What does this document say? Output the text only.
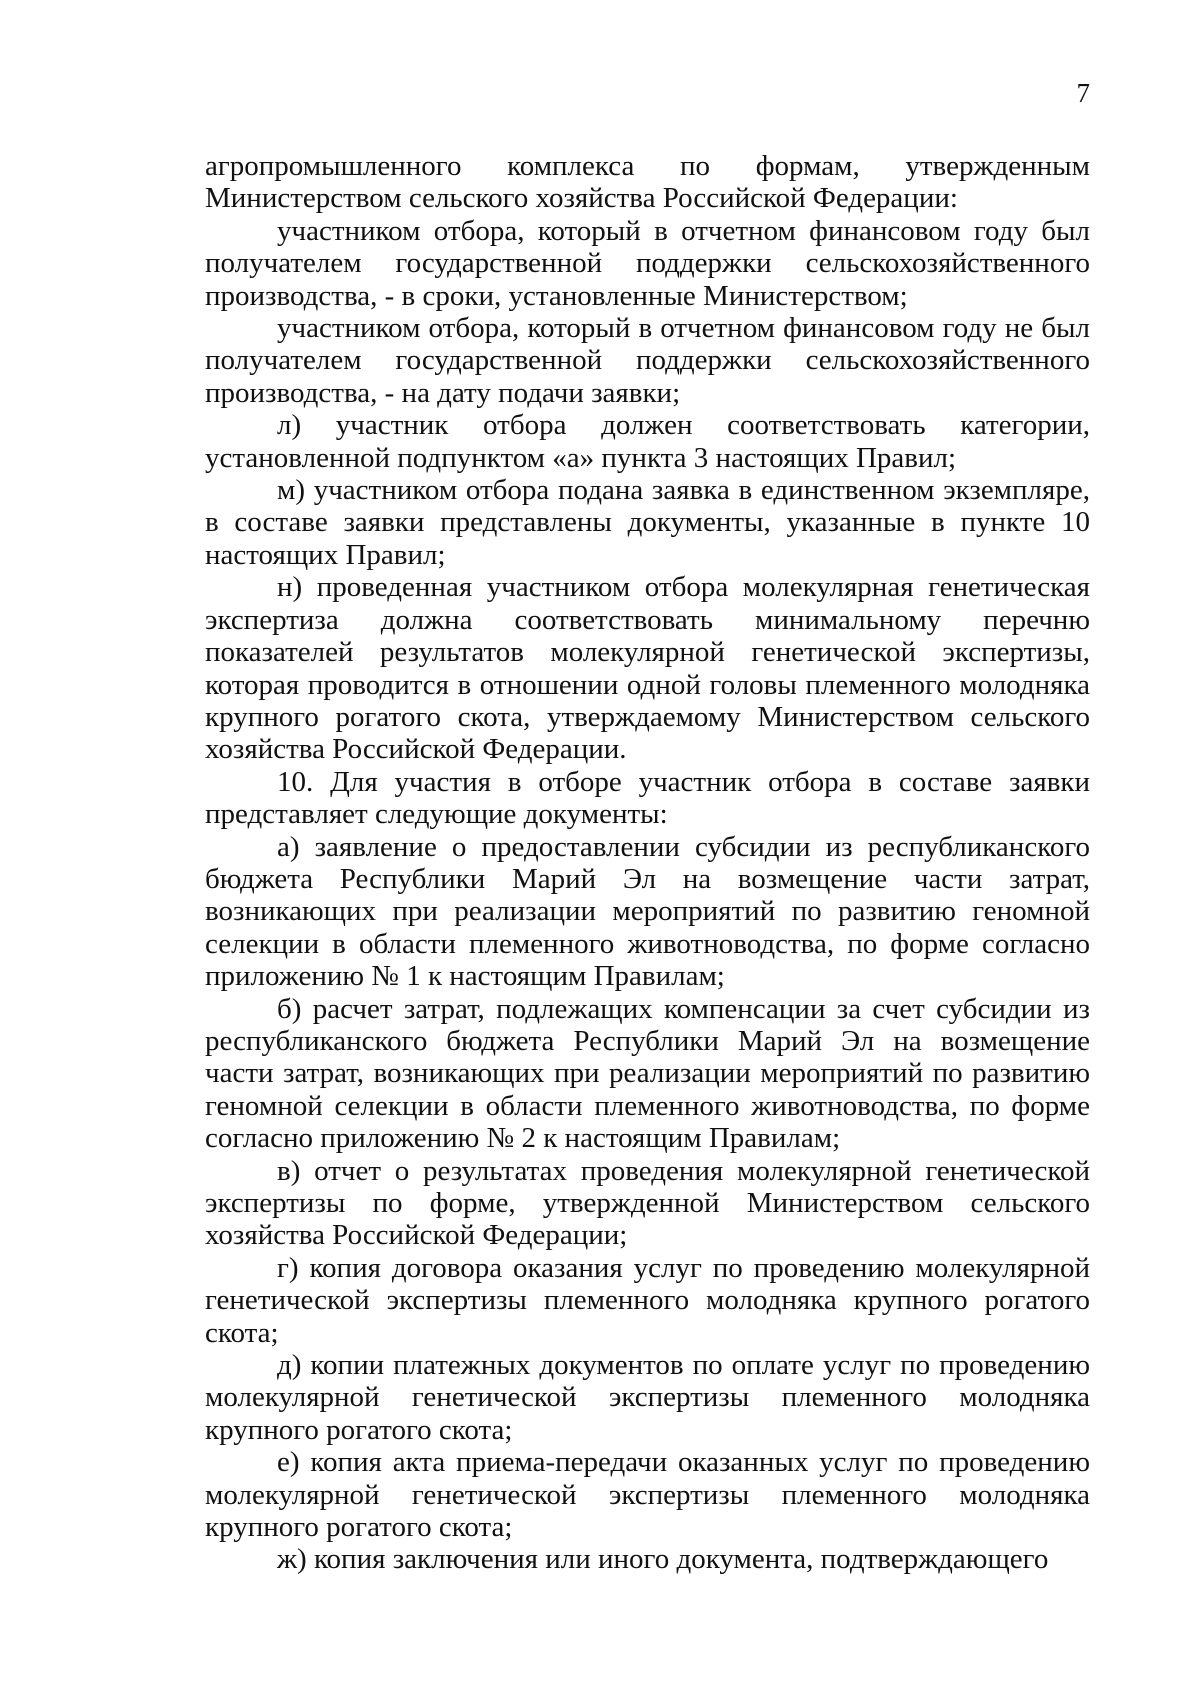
7

агропромышленного комплекса по формам, утвержденным Министерством сельского хозяйства Российской Федерации:

участником отбора, который в отчетном финансовом году был получателем государственной поддержки сельскохозяйственного производства, - в сроки, установленные Министерством;

участником отбора, который в отчетном финансовом году не был получателем государственной поддержки сельскохозяйственного производства, - на дату подачи заявки;

л) участник отбора должен соответствовать категории, установленной подпунктом «а» пункта 3 настоящих Правил;

м) участником отбора подана заявка в единственном экземпляре, в составе заявки представлены документы, указанные в пункте 10 настоящих Правил;

н) проведенная участником отбора молекулярная генетическая экспертиза должна соответствовать минимальному перечню показателей результатов молекулярной генетической экспертизы, которая проводится в отношении одной головы племенного молодняка крупного рогатого скота, утверждаемому Министерством сельского хозяйства Российской Федерации.

10. Для участия в отборе участник отбора в составе заявки представляет следующие документы:

а) заявление о предоставлении субсидии из республиканского бюджета Республики Марий Эл на возмещение части затрат, возникающих при реализации мероприятий по развитию геномной селекции в области племенного животноводства, по форме согласно приложению № 1 к настоящим Правилам;

б) расчет затрат, подлежащих компенсации за счет субсидии из республиканского бюджета Республики Марий Эл на возмещение части затрат, возникающих при реализации мероприятий по развитию геномной селекции в области племенного животноводства, по форме согласно приложению № 2 к настоящим Правилам;

в) отчет о результатах проведения молекулярной генетической экспертизы по форме, утвержденной Министерством сельского хозяйства Российской Федерации;

г) копия договора оказания услуг по проведению молекулярной генетической экспертизы племенного молодняка крупного рогатого скота;

д) копии платежных документов по оплате услуг по проведению молекулярной генетической экспертизы племенного молодняка крупного рогатого скота;

е) копия акта приема-передачи оказанных услуг по проведению молекулярной генетической экспертизы племенного молодняка крупного рогатого скота;

ж) копия заключения или иного документа, подтверждающего
